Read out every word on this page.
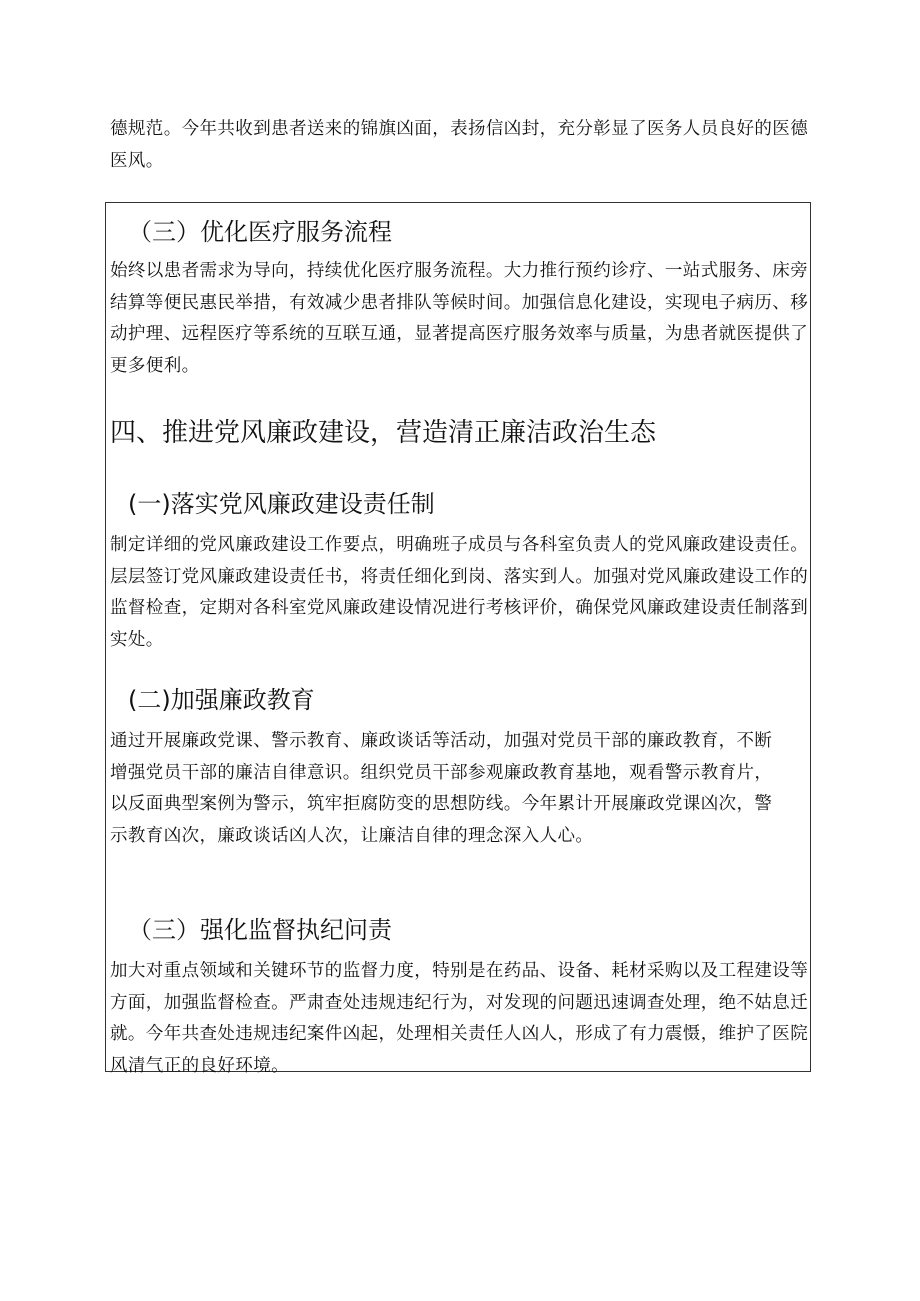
德规范。今年共收到患者送来的锦旗凶面，表扬信凶封，充分彰显了医务人员良好的医德医风。

（三）优化医疗服务流程

始终以患者需求为导向，持续优化医疗服务流程。大力推行预约诊疗、一站式服务、床旁结算等便民惠民举措，有效减少患者排队等候时间。加强信息化建设，实现电子病历、移动护理、远程医疗等系统的互联互通，显著提高医疗服务效率与质量，为患者就医提供了更多便利。

四、推进党风廉政建设，营造清正廉洁政治生态
(一)落实党风廉政建设责任制

制定详细的党风廉政建设工作要点，明确班子成员与各科室负责人的党风廉政建设责任。层层签订党风廉政建设责任书，将责任细化到岗、落实到人。加强对党风廉政建设工作的监督检查，定期对各科室党风廉政建设情况进行考核评价，确保党风廉政建设责任制落到实处。

(二)加强廉政教育

通过开展廉政党课、警示教育、廉政谈话等活动，加强对党员干部的廉政教育，不断增强党员干部的廉洁自律意识。组织党员干部参观廉政教育基地，观看警示教育片，以反面典型案例为警示，筑牢拒腐防变的思想防线。今年累计开展廉政党课凶次，警示教育凶次，廉政谈话凶人次，让廉洁自律的理念深入人心。

（三）强化监督执纪问责

加大对重点领域和关键环节的监督力度，特别是在药品、设备、耗材采购以及工程建设等方面，加强监督检查。严肃查处违规违纪行为，对发现的问题迅速调查处理，绝不姑息迁就。今年共查处违规违纪案件凶起，处理相关责任人凶人，形成了有力震慑，维护了医院风清气正的良好环境。
